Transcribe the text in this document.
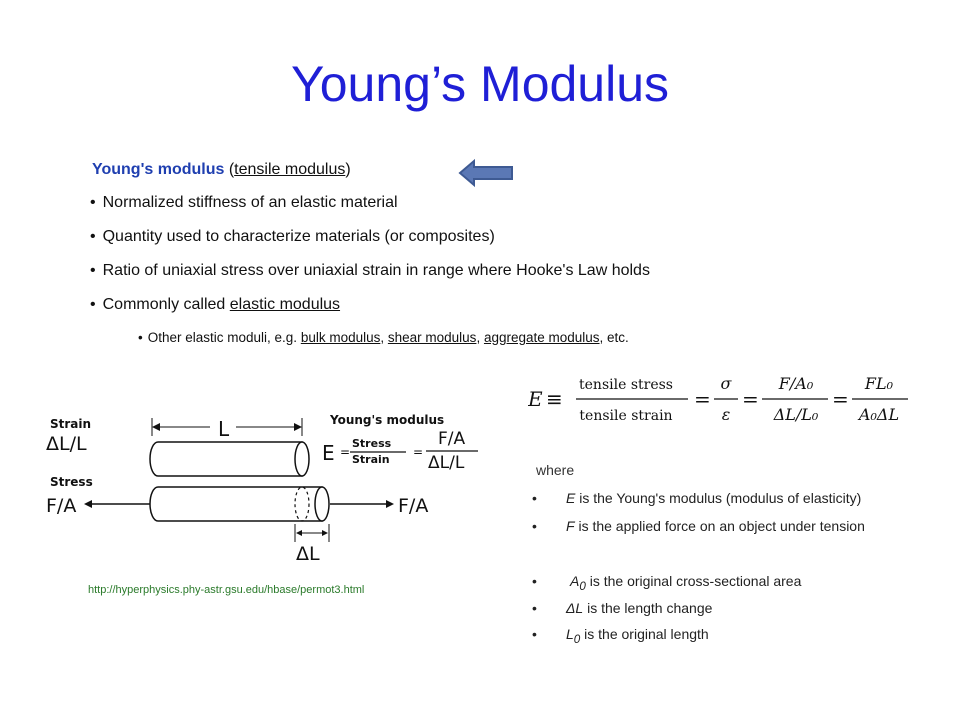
Young’s Modulus
Young's modulus (tensile modulus)
• Normalized stiffness of an elastic material
• Quantity used to characterize materials (or composites)
• Ratio of uniaxial stress over uniaxial strain in range where Hooke's Law holds
• Commonly called elastic modulus
• Other elastic moduli, e.g. bulk modulus, shear modulus, aggregate modulus, etc.
Strain
ΔL/L
Stress
F/A	F/A
L
ΔL
Young's modulus
E =
Stress
Strain
=
F/A
ΔL/L
http://hyperphysics.phy-astr.gsu.edu/hbase/permot3.html
E ≡
tensile stress
tensile strain
=
σ
ε
=
F/A₀
ΔL/L₀
=
FL₀
A₀ΔL
where
• E is the Young's modulus (modulus of elasticity)
• F is the applied force on an object under tension
• $A_0$ is the original cross-sectional area
• ΔL is the length change
• $L_0$ is the original length
